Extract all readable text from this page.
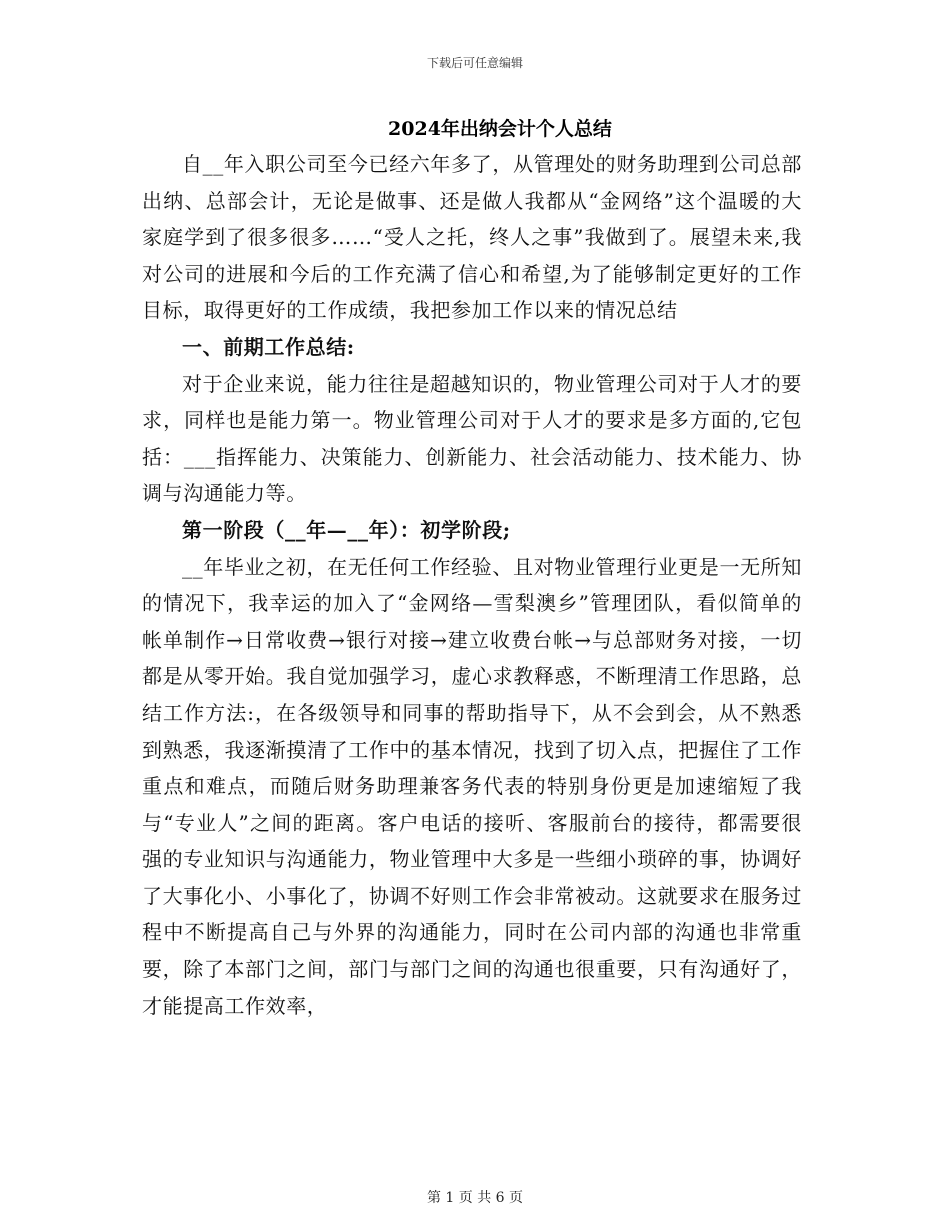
下载后可任意编辑
2024年出纳会计个人总结

自__年入职公司至今已经六年多了，从管理处的财务助理到公司总部出纳、总部会计，无论是做事、还是做人我都从“金网络”这个温暖的大家庭学到了很多很多……“受人之托，终人之事”我做到了。展望未来,我对公司的进展和今后的工作充满了信心和希望,为了能够制定更好的工作目标，取得更好的工作成绩，我把参加工作以来的情况总结

一、前期工作总结:

对于企业来说，能力往往是超越知识的，物业管理公司对于人才的要求，同样也是能力第一。物业管理公司对于人才的要求是多方面的,它包括：___指挥能力、决策能力、创新能力、社会活动能力、技术能力、协调与沟通能力等。

第一阶段（__年—__年）：初学阶段;

__年毕业之初，在无任何工作经验、且对物业管理行业更是一无所知的情况下，我幸运的加入了“金网络—雪梨澳乡”管理团队，看似简单的帐单制作→日常收费→银行对接→建立收费台帐→与总部财务对接，一切都是从零开始。我自觉加强学习，虚心求教释惑，不断理清工作思路，总结工作方法:，在各级领导和同事的帮助指导下，从不会到会，从不熟悉到熟悉，我逐渐摸清了工作中的基本情况，找到了切入点，把握住了工作重点和难点，而随后财务助理兼客务代表的特别身份更是加速缩短了我与“专业人”之间的距离。客户电话的接听、客服前台的接待，都需要很强的专业知识与沟通能力，物业管理中大多是一些细小琐碎的事，协调好了大事化小、小事化了，协调不好则工作会非常被动。这就要求在服务过程中不断提高自己与外界的沟通能力，同时在公司内部的沟通也非常重要，除了本部门之间，部门与部门之间的沟通也很重要，只有沟通好了，才能提高工作效率，

第 1 页 共 6 页
